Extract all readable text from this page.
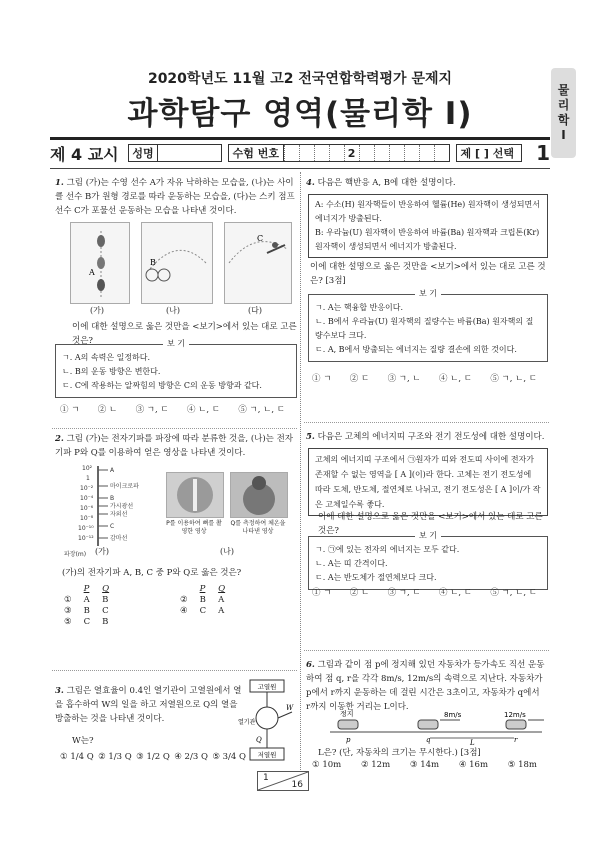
2020학년도 11월 고2 전국연합학력평가 문제지
과학탐구 영역(물리학 Ⅰ)
물
리
학
Ⅰ
제 4 교시	성명	수험 번호	2	제 [ ] 선택	1
1. 그림 (가)는 수영 선수 A가 자유 낙하하는 모습을, (나)는 사이클 선수 B가 원형 경로를 따라 운동하는 모습을, (다)는 스키 점프 선수 C가 포물선 운동하는 모습을 나타낸 것이다.
A
B
C
(가)	(나)	(다)
이에 대한 설명으로 옳은 것만을 <보기>에서 있는 대로 고른 것은?	보 기
ㄱ. A의 속력은 일정하다.
ㄴ. B의 운동 방향은 변한다.
ㄷ. C에 작용하는 알짜힘의 방향은 C의 운동 방향과 같다.
① ㄱ ② ㄴ ③ ㄱ, ㄷ ④ ㄴ, ㄷ ⑤ ㄱ, ㄴ, ㄷ
2. 그림 (가)는 전자기파를 파장에 따라 분류한 것을, (나)는 전자기파 P와 Q를 이용하여 얻은 영상을 나타낸 것이다.
10²
1
10⁻²
10⁻⁴
10⁻⁶
10⁻⁸
10⁻¹⁰
10⁻¹²
A
마이크로파
B
가시광선
자외선
C
감마선
파장(m)
P를 이용하여 뼈를 촬영한 영상
Q를 측정하여 체온을 나타낸 영상
(가)	(나)
(가)의 전자기파 A, B, C 중 P와 Q로 옳은 것은?
	P	Q
①	A	B
③	B	C
⑤	C	B
	P	Q
②	B	A
④	C	A
3. 그림은 열효율이 0.4인 열기관이 고열원에서 열을 흡수하여 W의 일을 하고 저열원으로 Q의 열을 방출하는 것을 나타낸 것이다.
고열원
열기관
W
Q
저열원
W는?
① 1/4 Q ② 1/3 Q ③ 1/2 Q ④ 2/3 Q ⑤ 3/4 Q
4. 다음은 핵반응 A, B에 대한 설명이다.
A: 수소(H) 원자핵들이 반응하여 헬륨(He) 원자핵이 생성되면서 에너지가 방출된다.
B: 우라늄(U) 원자핵이 반응하여 바륨(Ba) 원자핵과 크립톤(Kr) 원자핵이 생성되면서 에너지가 방출된다.
이에 대한 설명으로 옳은 것만을 <보기>에서 있는 대로 고른 것은? [3점]
보 기
ㄱ. A는 핵융합 반응이다.
ㄴ. B에서 우라늄(U) 원자핵의 질량수는 바륨(Ba) 원자핵의 질량수보다 크다.
ㄷ. A, B에서 방출되는 에너지는 질량 결손에 의한 것이다.
① ㄱ ② ㄷ ③ ㄱ, ㄴ ④ ㄴ, ㄷ ⑤ ㄱ, ㄴ, ㄷ
5. 다음은 고체의 에너지띠 구조와 전기 전도성에 대한 설명이다.
고체의 에너지띠 구조에서 ㉠원자가 띠와 전도띠 사이에 전자가 존재할 수 없는 영역을 [ A ](이)라 한다. 고체는 전기 전도성에 따라 도체, 반도체, 절연체로 나뉘고, 전기 전도성은 [ A ]이/가 작은 고체일수록 좋다.
이에 대한 설명으로 옳은 것만을 <보기>에서 있는 대로 고른 것은?	보 기
ㄱ. ㉠에 있는 전자의 에너지는 모두 같다.
ㄴ. A는 띠 간격이다.
ㄷ. A는 반도체가 절연체보다 크다.
① ㄱ ② ㄴ ③ ㄱ, ㄷ ④ ㄴ, ㄷ ⑤ ㄱ, ㄴ, ㄷ
6. 그림과 같이 점 p에 정지해 있던 자동차가 등가속도 직선 운동하여 점 q, r을 각각 8m/s, 12m/s의 속력으로 지난다. 자동차가 p에서 r까지 운동하는 데 걸린 시간은 3초이고, 자동차가 q에서 r까지 이동한 거리는 L이다.
정지	8m/s	12m/s
p	q	L	r
L은? (단, 자동차의 크기는 무시한다.) [3점]
① 10m ② 12m ③ 14m ④ 16m ⑤ 18m
1
16
